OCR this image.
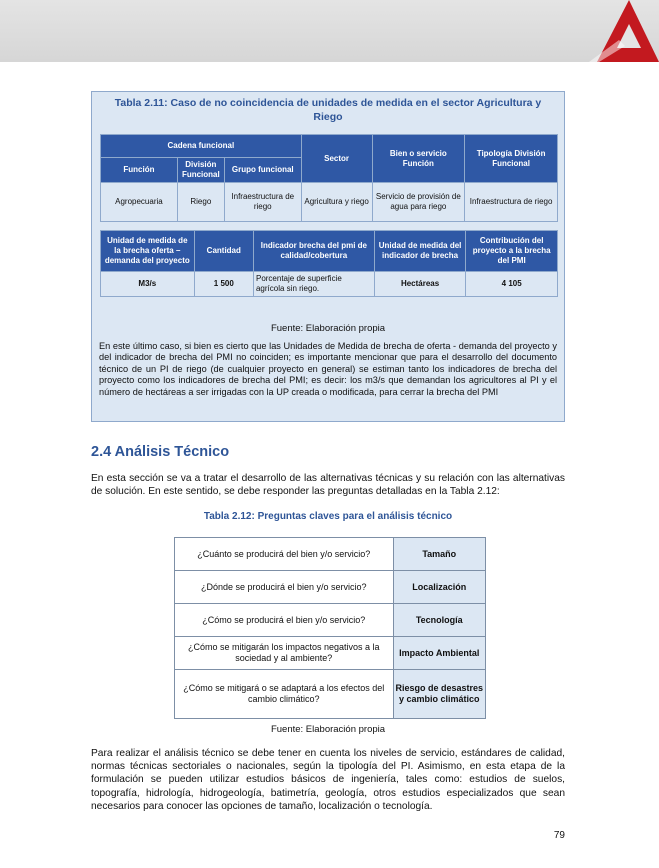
Tabla 2.11: Caso de no coincidencia de unidades de medida en el sector Agricultura y Riego
Cadena funcional			Sector	Bien o servicio Función	Tipología División Funcional
Función	División Funcional	Grupo funcional			
Agropecuaria	Riego	Infraestructura de riego	Agricultura y riego	Servicio de provisión de agua para riego	Infraestructura de riego
Unidad de medida de la brecha oferta – demanda del proyecto	Cantidad	Indicador brecha del pmi de calidad/cobertura	Unidad de medida del indicador de brecha	Contribución del proyecto a la brecha del PMI
M3/s	1 500	Porcentaje de superficie agrícola sin riego.	Hectáreas	4 105
Fuente: Elaboración propia
En este último caso, si bien es cierto que las Unidades de Medida de brecha de oferta - demanda del proyecto y del indicador de brecha del PMI no coinciden; es importante mencionar que para el desarrollo del documento técnico de un PI de riego (de cualquier proyecto en general) se estiman tanto los indicadores de brecha del proyecto como los indicadores de brecha del PMI; es decir: los m3/s que demandan los agricultores al PI y el número de hectáreas a ser irrigadas con la UP creada o modificada, para cerrar la brecha del PMI
2.4 Análisis Técnico
En esta sección se va a tratar el desarrollo de las alternativas técnicas y su relación con las alternativas de solución. En este sentido, se debe responder las preguntas detalladas en la Tabla 2.12:
Tabla 2.12: Preguntas claves para el análisis técnico
¿Cuánto se producirá del bien y/o servicio?	Tamaño
¿Dónde se producirá el bien y/o servicio?	Localización
¿Cómo se producirá el bien y/o servicio?	Tecnología
¿Cómo se mitigarán los impactos negativos a la sociedad y al ambiente?	Impacto Ambiental
¿Cómo se mitigará o se adaptará a los efectos del cambio climático?	Riesgo de desastres y cambio climático
Fuente: Elaboración propia
Para realizar el análisis técnico se debe tener en cuenta los niveles de servicio, estándares de calidad, normas técnicas sectoriales o nacionales, según la tipología del PI. Asimismo, en esta etapa de la formulación se pueden utilizar estudios básicos de ingeniería, tales como: estudios de suelos, topografía, hidrología, hidrogeología, batimetría, geología, otros estudios especializados que sean necesarios para conocer las opciones de tamaño, localización o tecnología.
79
